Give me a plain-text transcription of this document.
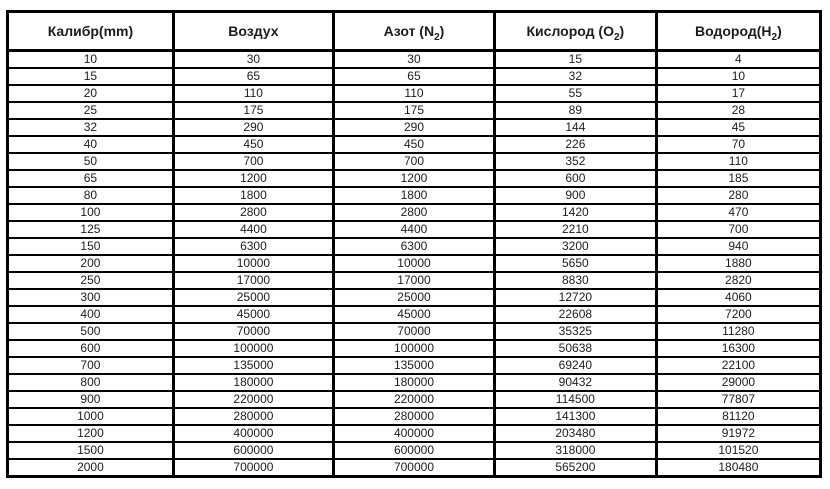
Калибр(mm)	Воздух	Азот $(N_2)$	Кислород $(O_2)$	$Водород(H_2)$
10	30	30	15	4
15	65	65	32	10
20	110	110	55	17
25	175	175	89	28
32	290	290	144	45
40	450	450	226	70
50	700	700	352	110
65	1200	1200	600	185
80	1800	1800	900	280
100	2800	2800	1420	470
125	4400	4400	2210	700
150	6300	6300	3200	940
200	10000	10000	5650	1880
250	17000	17000	8830	2820
300	25000	25000	12720	4060
400	45000	45000	22608	7200
500	70000	70000	35325	11280
600	100000	100000	50638	16300
700	135000	135000	69240	22100
800	180000	180000	90432	29000
900	220000	220000	114500	77807
1000	280000	280000	141300	81120
1200	400000	400000	203480	91972
1500	600000	600000	318000	101520
2000	700000	700000	565200	180480
